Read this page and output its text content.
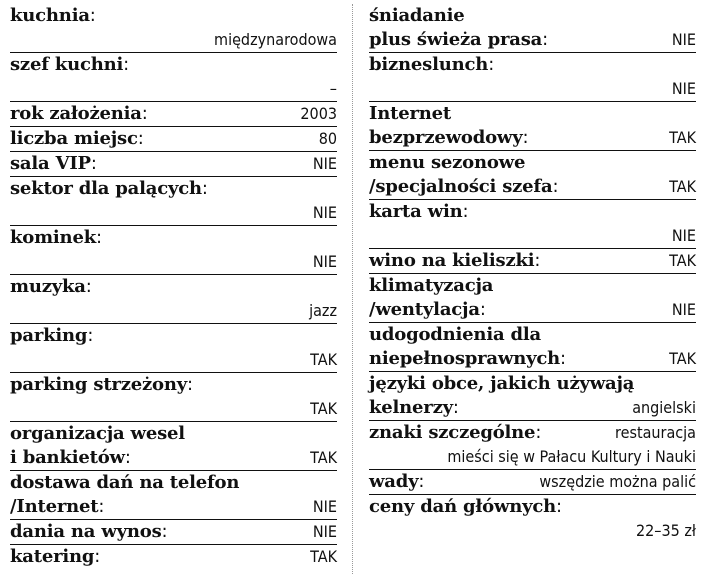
kuchnia:
międzynarodowa
szef kuchni:
–
rok założenia:	2003
liczba miejsc:	80
sala VIP:	NIE
sektor dla palących:
NIE
kominek:
NIE
muzyka:
jazz
parking:
TAK
parking strzeżony:
TAK
organizacja wesel
i bankietów:	TAK
dostawa dań na telefon
/Internet:	NIE
dania na wynos:	NIE
katering:	TAK
śniadanie
plus świeża prasa:	NIE
bizneslunch:
NIE
Internet
bezprzewodowy:	TAK
menu sezonowe
/specjalności szefa:	TAK
karta win:
NIE
wino na kieliszki:	TAK
klimatyzacja
/wentylacja:	NIE
udogodnienia dla
niepełnosprawnych:	TAK
języki obce, jakich używają
kelnerzy:	angielski
znaki szczególne:	restauracja
mieści się w Pałacu Kultury i Nauki
wady:	wszędzie można palić
ceny dań głównych:
22–35 zł
